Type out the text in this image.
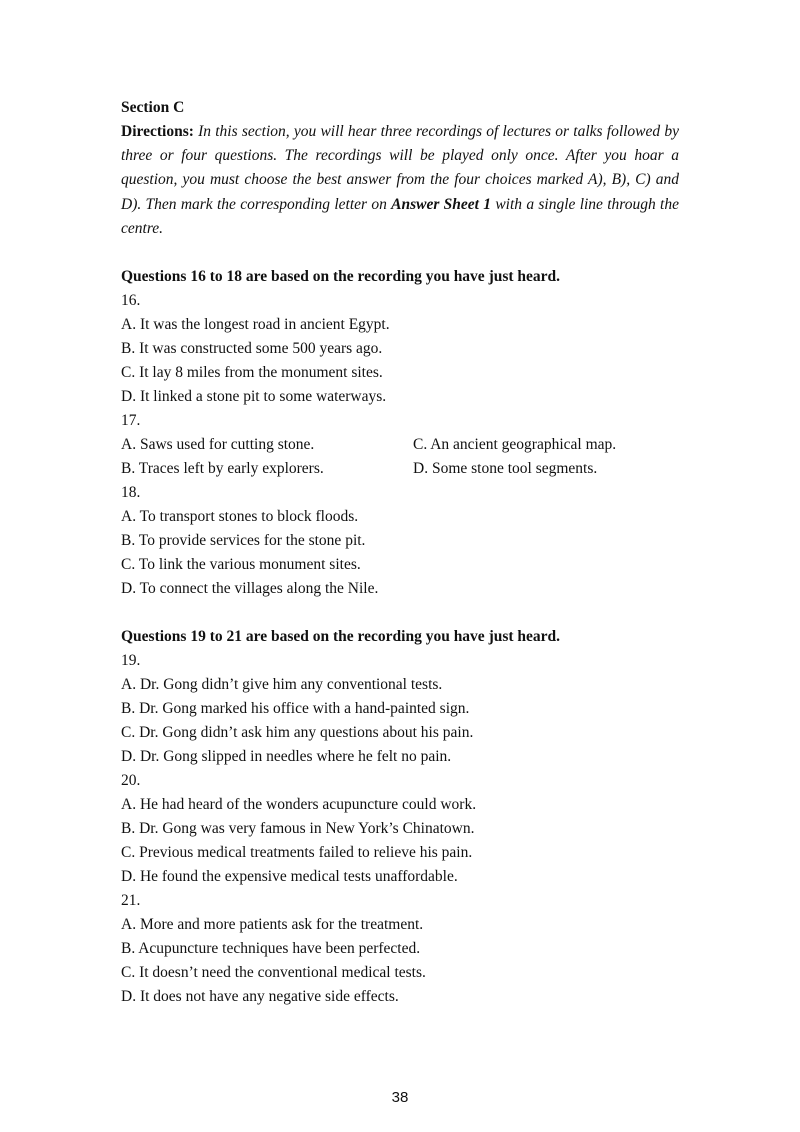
Section C

Directions: In this section, you will hear three recordings of lectures or talks followed by three or four questions. The recordings will be played only once. After you hoar a question, you must choose the best answer from the four choices marked A), B), C) and D). Then mark the corresponding letter on Answer Sheet 1 with a single line through the centre.

Questions 16 to 18 are based on the recording you have just heard.

16.

A. It was the longest road in ancient Egypt.

B. It was constructed some 500 years ago.

C. It lay 8 miles from the monument sites.

D. It linked a stone pit to some waterways.

17.

A. Saws used for cutting stone.	C. An ancient geographical map.

B. Traces left by early explorers.	D. Some stone tool segments.

18.

A. To transport stones to block floods.

B. To provide services for the stone pit.

C. To link the various monument sites.

D. To connect the villages along the Nile.

Questions 19 to 21 are based on the recording you have just heard.

19.

A. Dr. Gong didn’t give him any conventional tests.

B. Dr. Gong marked his office with a hand-painted sign.

C. Dr. Gong didn’t ask him any questions about his pain.

D. Dr. Gong slipped in needles where he felt no pain.

20.

A. He had heard of the wonders acupuncture could work.

B. Dr. Gong was very famous in New York’s Chinatown.

C. Previous medical treatments failed to relieve his pain.

D. He found the expensive medical tests unaffordable.

21.

A. More and more patients ask for the treatment.

B. Acupuncture techniques have been perfected.

C. It doesn’t need the conventional medical tests.

D. It does not have any negative side effects.

38
